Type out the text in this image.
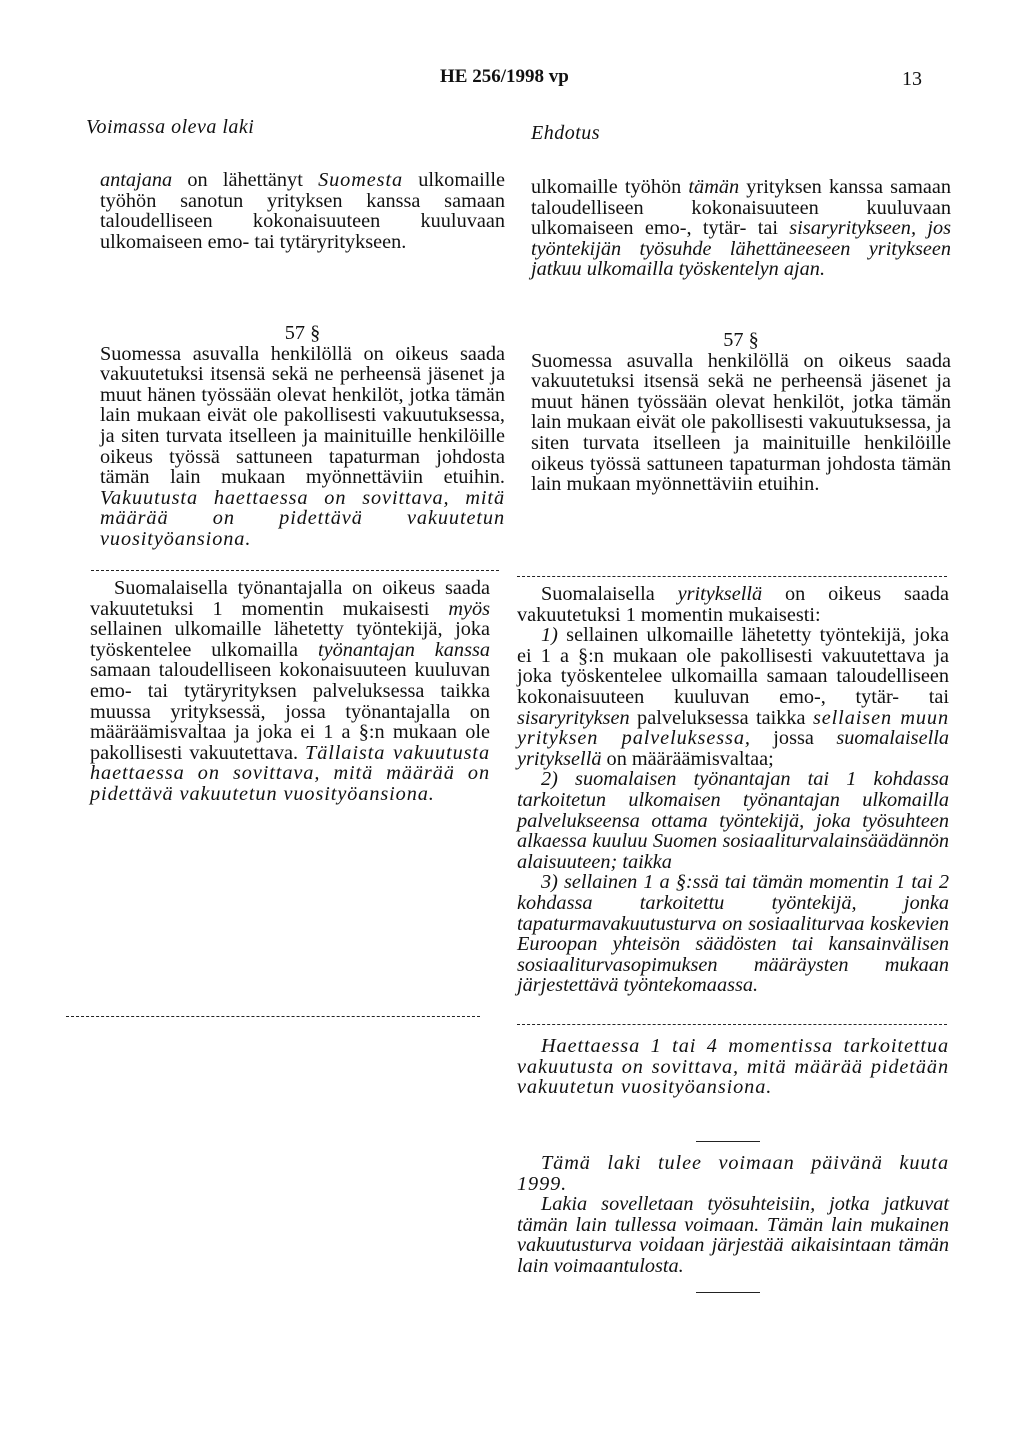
HE 256/1998 vp	13
Voimassa oleva laki	Ehdotus

antajana on lähettänyt Suomesta ulkomaille työhön sanotun yrityksen kanssa samaan taloudelliseen kokonaisuuteen kuuluvaan ulkomaiseen emo- tai tytäryritykseen.

57 §

Suomessa asuvalla henkilöllä on oikeus saada vakuutetuksi itsensä sekä ne perheensä jäsenet ja muut hänen työssään olevat henkilöt, jotka tämän lain mukaan eivät ole pakollisesti vakuutuksessa, ja siten turvata itselleen ja mainituille henkilöille oikeus työssä sattuneen tapaturman johdosta tämän lain mukaan myönnettäviin etuihin. Vakuutusta haettaessa on sovittava, mitä määrää on pidettävä vakuutetun vuosityöansiona.

Suomalaisella työnantajalla on oikeus saada vakuutetuksi 1 momentin mukaisesti myös sellainen ulkomaille lähetetty työntekijä, joka työskentelee ulkomailla työnantajan kanssa samaan taloudelliseen kokonaisuuteen kuuluvan emo- tai tytäryrityksen palveluksessa taikka muussa yrityksessä, jossa työnantajalla on määräämisvaltaa ja joka ei 1 a §:n mukaan ole pakollisesti vakuutettava. Tällaista vakuutusta haettaessa on sovittava, mitä määrää on pidettävä vakuutetun vuosityöansiona.

ulkomaille työhön tämän yrityksen kanssa samaan taloudelliseen kokonaisuuteen kuuluvaan ulkomaiseen emo-, tytär- tai sisaryritykseen, jos työntekijän työsuhde lähettäneeseen yritykseen jatkuu ulkomailla työskentelyn ajan.

57 §

Suomessa asuvalla henkilöllä on oikeus saada vakuutetuksi itsensä sekä ne perheensä jäsenet ja muut hänen työssään olevat henkilöt, jotka tämän lain mukaan eivät ole pakollisesti vakuutuksessa, ja siten turvata itselleen ja mainituille henkilöille oikeus työssä sattuneen tapaturman johdosta tämän lain mukaan myönnettäviin etuihin.

Suomalaisella yrityksellä on oikeus saada vakuutetuksi 1 momentin mukaisesti:

1) sellainen ulkomaille lähetetty työntekijä, joka ei 1 a §:n mukaan ole pakollisesti vakuutettava ja joka työskentelee ulkomailla samaan taloudelliseen kokonaisuuteen kuuluvan emo-, tytär- tai sisaryrityksen palveluksessa taikka sellaisen muun yrityksen palveluksessa, jossa suomalaisella yrityksellä on määräämisvaltaa;

2) suomalaisen työnantajan tai 1 kohdassa tarkoitetun ulkomaisen työnantajan ulkomailla palvelukseensa ottama työntekijä, joka työsuhteen alkaessa kuuluu Suomen sosiaaliturvalainsäädännön alaisuuteen; taikka

3) sellainen 1 a §:ssä tai tämän momentin 1 tai 2 kohdassa tarkoitettu työntekijä, jonka tapaturmavakuutusturva on sosiaaliturvaa koskevien Euroopan yhteisön säädösten tai kansainvälisen sosiaaliturvasopimuksen määräysten mukaan järjestettävä työntekomaassa.

Haettaessa 1 tai 4 momentissa tarkoitettua vakuutusta on sovittava, mitä määrää pidetään vakuutetun vuosityöansiona.

Tämä laki tulee voimaan päivänä kuuta 1999.

Lakia sovelletaan työsuhteisiin, jotka jatkuvat tämän lain tullessa voimaan. Tämän lain mukainen vakuutusturva voidaan järjestää aikaisintaan tämän lain voimaantulosta.
